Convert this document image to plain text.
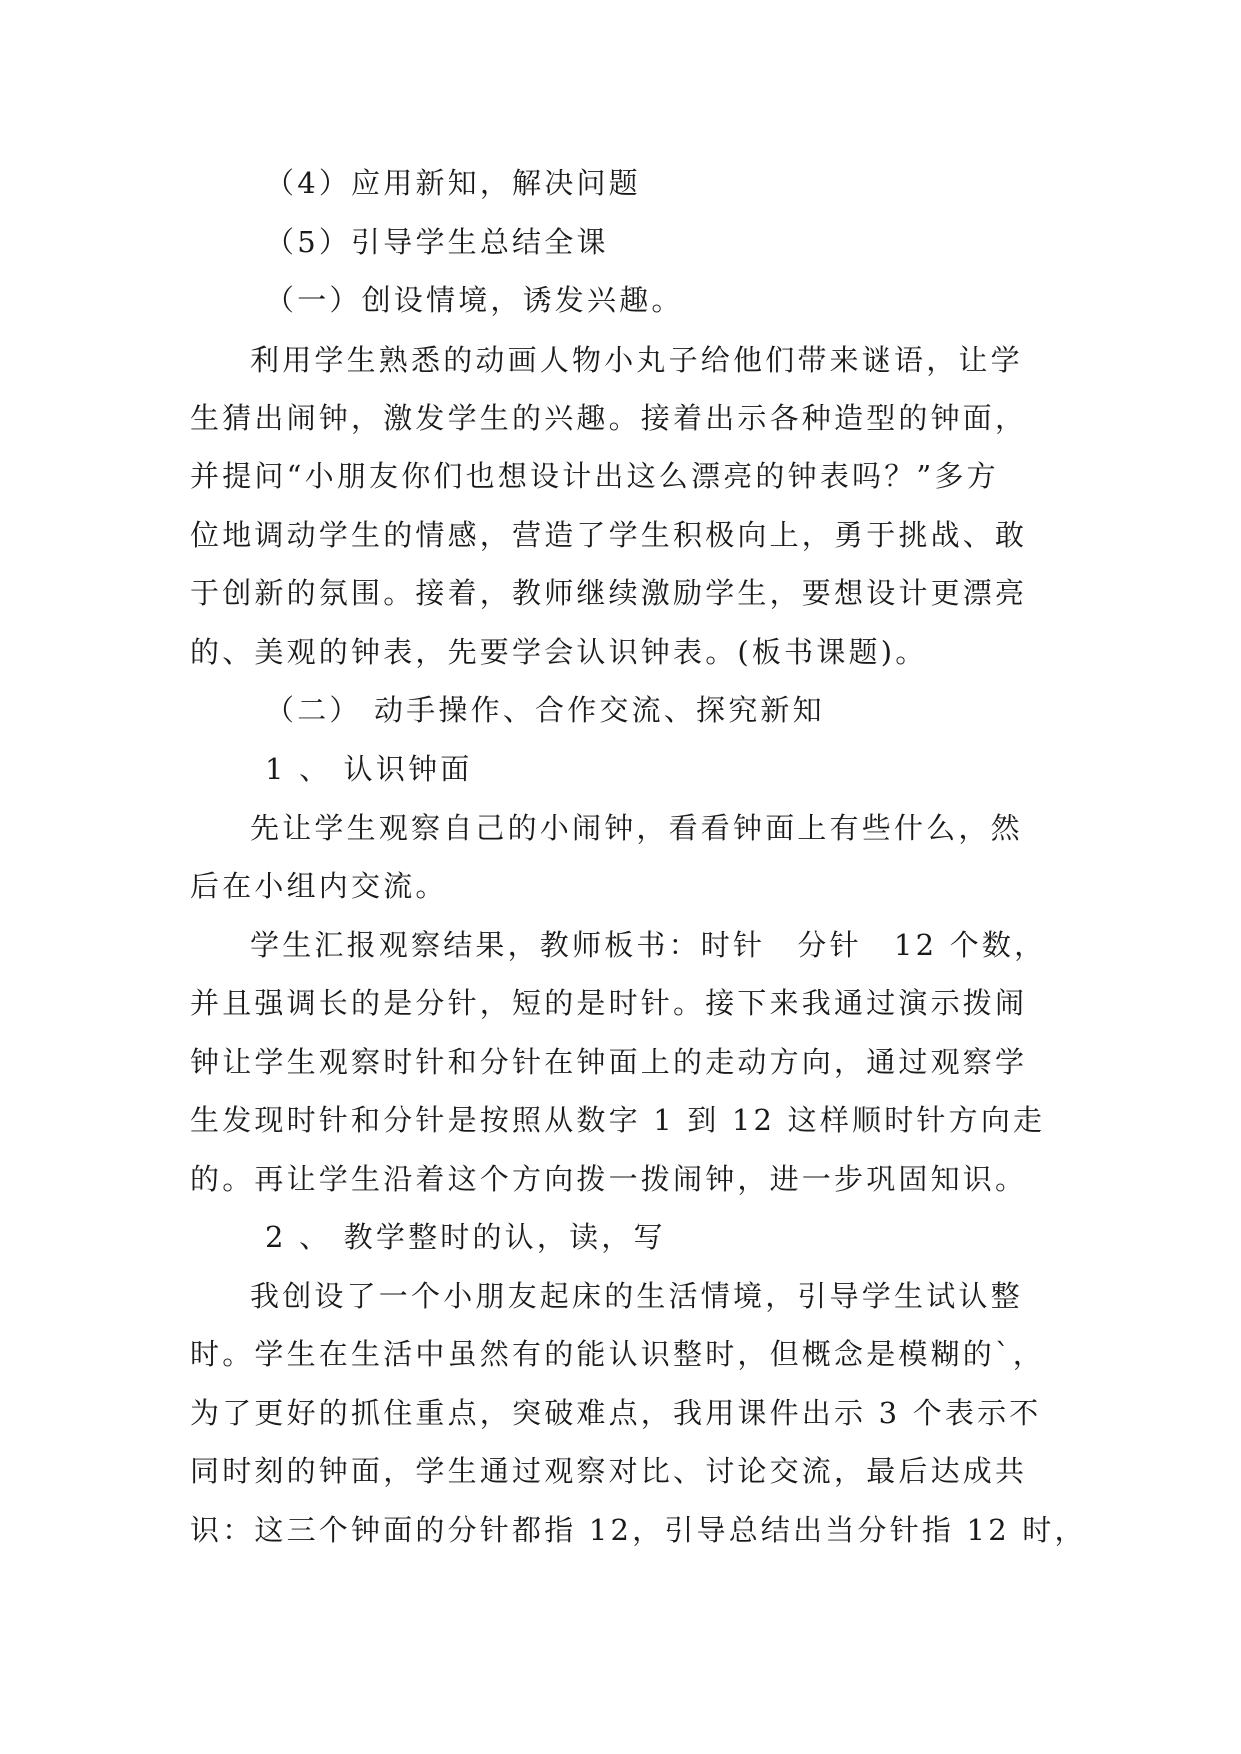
（4）应用新知，解决问题
（5）引导学生总结全课
（一）创设情境，诱发兴趣。
利用学生熟悉的动画人物小丸子给他们带来谜语，让学
生猜出闹钟，激发学生的兴趣。接着出示各种造型的钟面，
并提问“小朋友你们也想设计出这么漂亮的钟表吗？”多方
位地调动学生的情感，营造了学生积极向上，勇于挑战、敢
于创新的氛围。接着，教师继续激励学生，要想设计更漂亮
的、美观的钟表，先要学会认识钟表。(板书课题)。
（二） 动手操作、合作交流、探究新知
1 、 认识钟面
先让学生观察自己的小闹钟，看看钟面上有些什么，然
后在小组内交流。
学生汇报观察结果，教师板书：时针　分针　12 个数，
并且强调长的是分针，短的是时针。接下来我通过演示拨闹
钟让学生观察时针和分针在钟面上的走动方向，通过观察学
生发现时针和分针是按照从数字 1 到 12 这样顺时针方向走
的。再让学生沿着这个方向拨一拨闹钟，进一步巩固知识。
2 、 教学整时的认，读，写
我创设了一个小朋友起床的生活情境，引导学生试认整
时。学生在生活中虽然有的能认识整时，但概念是模糊的`，
为了更好的抓住重点，突破难点，我用课件出示 3 个表示不
同时刻的钟面，学生通过观察对比、讨论交流，最后达成共
识：这三个钟面的分针都指 12，引导总结出当分针指 12 时，
